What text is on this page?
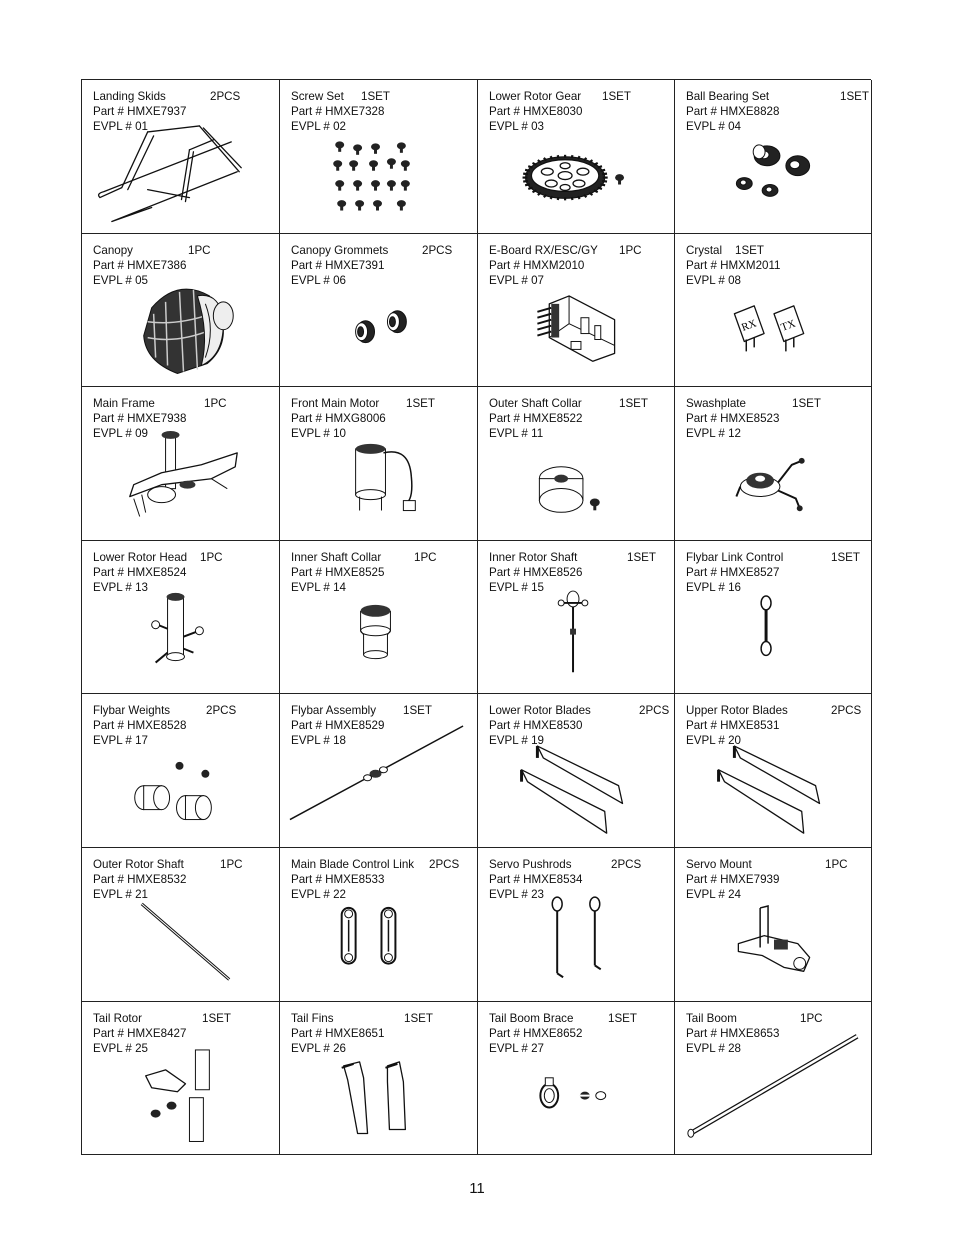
Landing Skids	2PCS
Part # HMXE7937
EVPL # 01
Screw Set 1SET
Part # HMXE7328
EVPL # 02
Lower Rotor Gear 1SET
Part # HMXE8030
EVPL # 03
Ball Bearing Set	1SET
Part # HMXE8828
EVPL # 04
Canopy	1PC
Part # HMXE7386
EVPL # 05
Canopy Grommets	2PCS
Part # HMXE7391
EVPL # 06
E-Board RX/ESC/GY 1PC
Part # HMXM2010
EVPL # 07
RX TX
Crystal 1SET
Part # HMXM2011
EVPL # 08
Main Frame	1PC
Part # HMXE7938
EVPL # 09
Front Main Motor 1SET
Part # HMXG8006
EVPL # 10
Outer Shaft Collar	1SET
Part # HMXE8522
EVPL # 11
Swashplate	1SET
Part # HMXE8523
EVPL # 12
Lower Rotor Head 1PC
Part # HMXE8524
EVPL # 13
Inner Shaft Collar	1PC
Part # HMXE8525
EVPL # 14
Inner Rotor Shaft	1SET
Part # HMXE8526
EVPL # 15
Flybar Link Control	1SET
Part # HMXE8527
EVPL # 16
Flybar Weights	2PCS
Part # HMXE8528
EVPL # 17
Flybar Assembly 1SET
Part # HMXE8529
EVPL # 18
Lower Rotor Blades	2PCS
Part # HMXE8530
EVPL # 19
Upper Rotor Blades	2PCS
Part # HMXE8531
EVPL # 20
Outer Rotor Shaft	1PC
Part # HMXE8532
EVPL # 21
Main Blade Control Link 2PCS
Part # HMXE8533
EVPL # 22
Servo Pushrods	2PCS
Part # HMXE8534
EVPL # 23
Servo Mount	1PC
Part # HMXE7939
EVPL # 24
Tail Rotor	1SET
Part # HMXE8427
EVPL # 25
Tail Fins	1SET
Part # HMXE8651
EVPL # 26
Tail Boom Brace	1SET
Part # HMXE8652
EVPL # 27
Tail Boom	1PC
Part # HMXE8653
EVPL # 28
11
